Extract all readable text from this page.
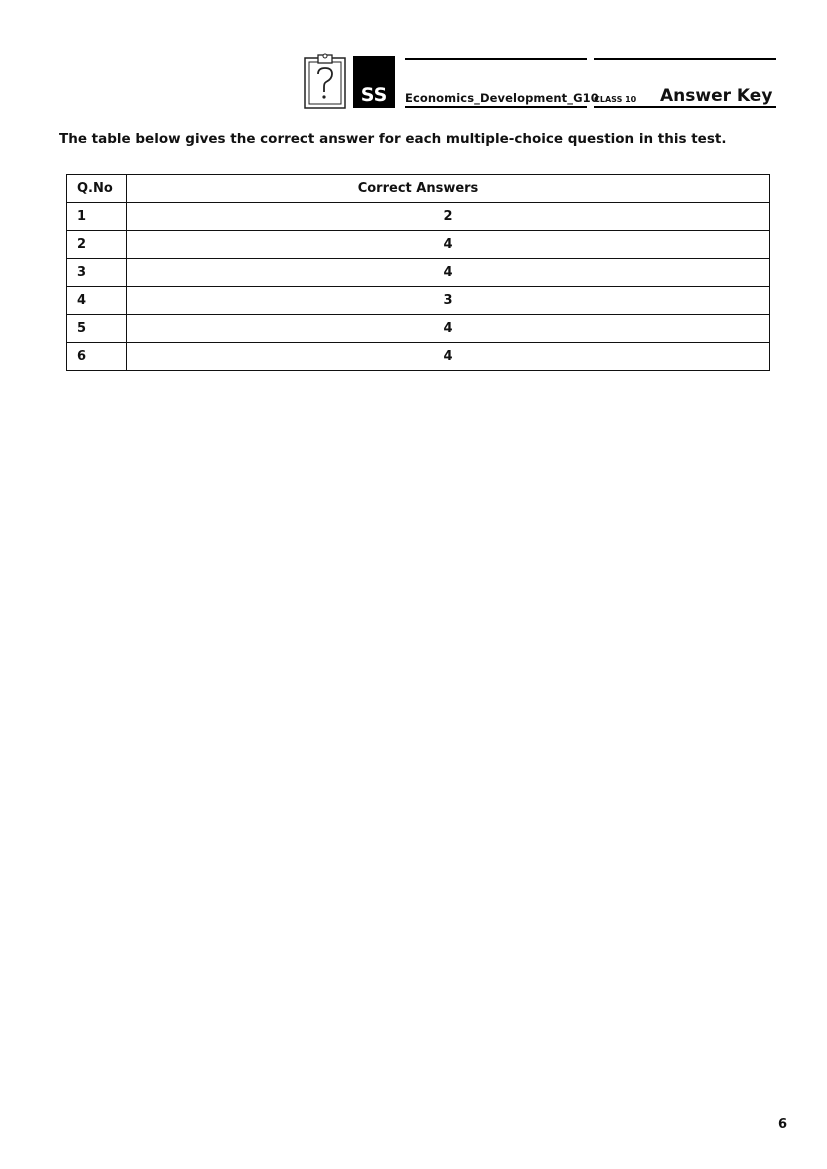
SS	Economics_Development_G10
CLASS 10 Answer Key
The table below gives the correct answer for each multiple-choice question in this test.
Q.No	Correct Answers
1	2
2	4
3	4
4	3
5	4
6	4
6
